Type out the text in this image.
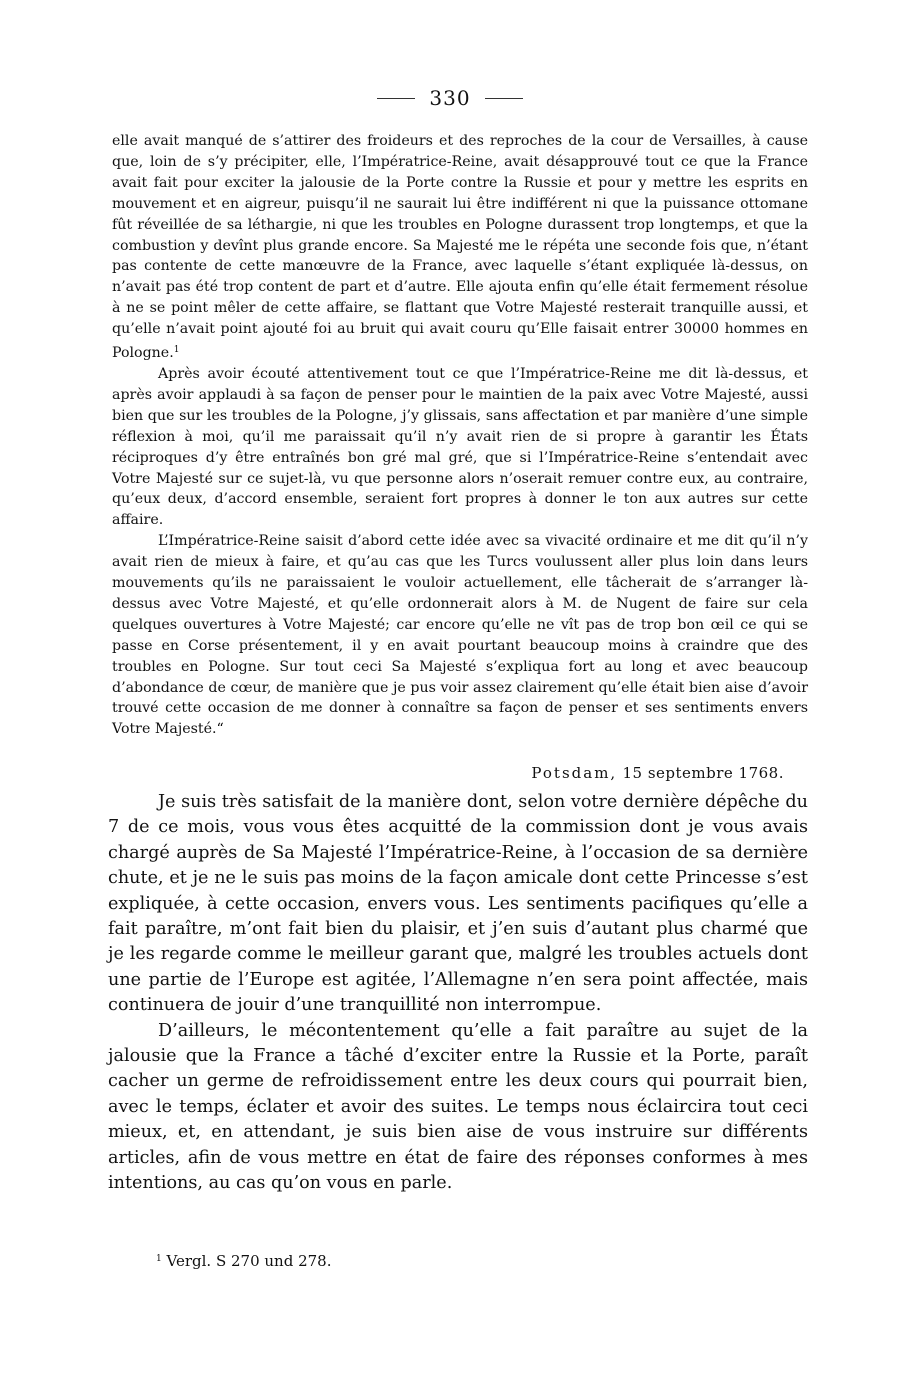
330

elle avait manqué de s’attirer des froideurs et des reproches de la cour de Versailles, à cause que, loin de s’y précipiter, elle, l’Impératrice-Reine, avait désapprouvé tout ce que la France avait fait pour exciter la jalousie de la Porte contre la Russie et pour y mettre les esprits en mouvement et en aigreur, puisqu’il ne saurait lui être indifférent ni que la puissance ottomane fût réveillée de sa léthargie, ni que les troubles en Pologne durassent trop longtemps, et que la combustion y devînt plus grande encore. Sa Majesté me le répéta une seconde fois que, n’étant pas contente de cette manœuvre de la France, avec laquelle s’étant expliquée là-dessus, on n’avait pas été trop content de part et d’autre. Elle ajouta enfin qu’elle était fermement résolue à ne se point mêler de cette affaire, se flattant que Votre Majesté resterait tranquille aussi, et qu’elle n’avait point ajouté foi au bruit qui avait couru qu’Elle faisait entrer 30000 hommes en Pologne.$^1$

Après avoir écouté attentivement tout ce que l’Impératrice-Reine me dit là-dessus, et après avoir applaudi à sa façon de penser pour le maintien de la paix avec Votre Majesté, aussi bien que sur les troubles de la Pologne, j’y glissais, sans affectation et par manière d’une simple réflexion à moi, qu’il me paraissait qu’il n’y avait rien de si propre à garantir les États réciproques d’y être entraînés bon gré mal gré, que si l’Impératrice-Reine s’entendait avec Votre Majesté sur ce sujet-là, vu que personne alors n’oserait remuer contre eux, au contraire, qu’eux deux, d’accord ensemble, seraient fort propres à donner le ton aux autres sur cette affaire.

L’Impératrice-Reine saisit d’abord cette idée avec sa vivacité ordinaire et me dit qu’il n’y avait rien de mieux à faire, et qu’au cas que les Turcs voulussent aller plus loin dans leurs mouvements qu’ils ne paraissaient le vouloir actuellement, elle tâcherait de s’arranger là-dessus avec Votre Majesté, et qu’elle ordonnerait alors à M. de Nugent de faire sur cela quelques ouvertures à Votre Majesté; car encore qu’elle ne vît pas de trop bon œil ce qui se passe en Corse présentement, il y en avait pourtant beaucoup moins à craindre que des troubles en Pologne. Sur tout ceci Sa Majesté s’expliqua fort au long et avec beaucoup d’abondance de cœur, de manière que je pus voir assez clairement qu’elle était bien aise d’avoir trouvé cette occasion de me donner à connaître sa façon de penser et ses sentiments envers Votre Majesté.“

Potsdam, 15 septembre 1768.

Je suis très satisfait de la manière dont, selon votre dernière dépêche du 7 de ce mois, vous vous êtes acquitté de la commission dont je vous avais chargé auprès de Sa Majesté l’Impératrice-Reine, à l’occasion de sa dernière chute, et je ne le suis pas moins de la façon amicale dont cette Princesse s’est expliquée, à cette occasion, envers vous. Les sentiments pacifiques qu’elle a fait paraître, m’ont fait bien du plaisir, et j’en suis d’autant plus charmé que je les regarde comme le meilleur garant que, malgré les troubles actuels dont une partie de l’Europe est agitée, l’Allemagne n’en sera point affectée, mais continuera de jouir d’une tranquillité non interrompue.

D’ailleurs, le mécontentement qu’elle a fait paraître au sujet de la jalousie que la France a tâché d’exciter entre la Russie et la Porte, paraît cacher un germe de refroidissement entre les deux cours qui pourrait bien, avec le temps, éclater et avoir des suites. Le temps nous éclaircira tout ceci mieux, et, en attendant, je suis bien aise de vous instruire sur différents articles, afin de vous mettre en état de faire des réponses conformes à mes intentions, au cas qu’on vous en parle.

$^1$ Vergl. S 270 und 278.
